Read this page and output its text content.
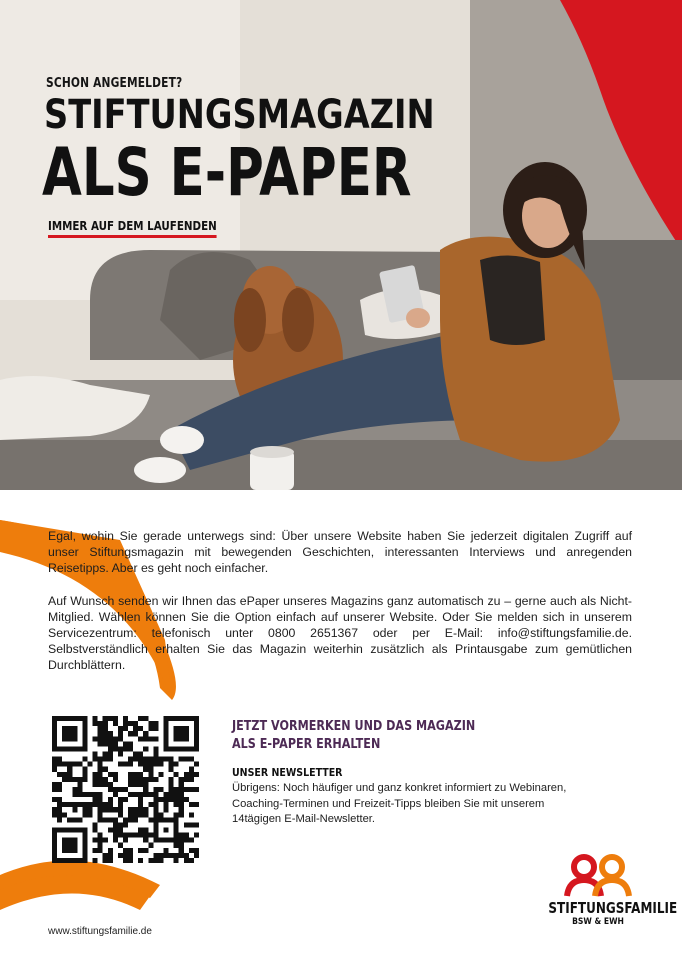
SCHON ANGEMELDET?

STIFTUNGSMAGAZIN
ALS E-PAPER

IMMER AUF DEM LAUFENDEN

Egal, wohin Sie gerade unterwegs sind: Über unsere Website haben Sie jederzeit digitalen Zugriff auf unser Stiftungsmagazin mit bewegenden Geschichten, interessanten Interviews und anregenden Reisetipps. Aber es geht noch einfacher.

Auf Wunsch senden wir Ihnen das ePaper unseres Magazins ganz automatisch zu – gerne auch als Nicht-Mitglied. Wählen können Sie die Option einfach auf unserer Website. Oder Sie melden sich in unserem Servicezentrum: telefonisch unter 0800 2651367 oder per E-Mail: info@stiftungsfamilie.de. Selbstverständlich erhalten Sie das Magazin weiterhin zusätzlich als Printausgabe zum gemütlichen Durchblättern.

JETZT VORMERKEN UND DAS MAGAZIN

ALS E-PAPER ERHALTEN

UNSER NEWSLETTER

Übrigens: Noch häufiger und ganz konkret informiert zu Webinaren, Coaching-Terminen und Freizeit-Tipps bleiben Sie mit unserem 14tägigen E-Mail-Newsletter.

STIFTUNGSFAMILIE
BSW & EWH
www.stiftungsfamilie.de
